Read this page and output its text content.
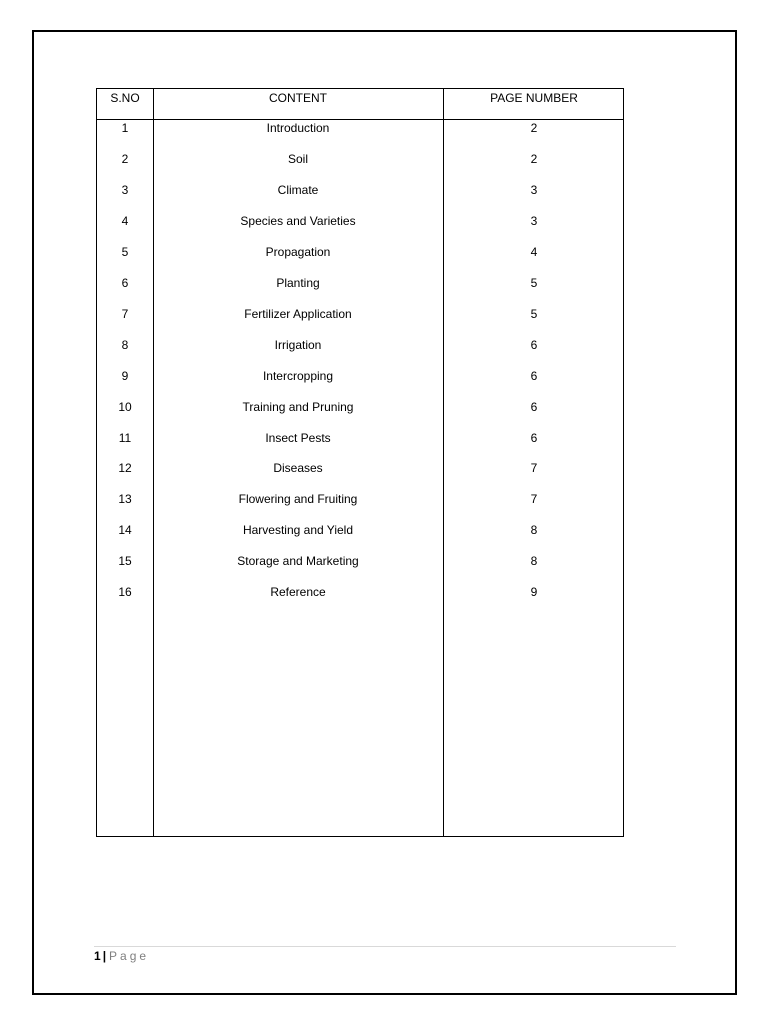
S.NO	CONTENT	PAGE NUMBER
1	Introduction	2
2	Soil	2
3	Climate	3
4	Species and Varieties	3
5	Propagation	4
6	Planting	5
7	Fertilizer Application	5
8	Irrigation	6
9	Intercropping	6
10	Training and Pruning	6
11	Insect Pests	6
12	Diseases	7
13	Flowering and Fruiting	7
14	Harvesting and Yield	8
15	Storage and Marketing	8
16	Reference	9
1 | Page
